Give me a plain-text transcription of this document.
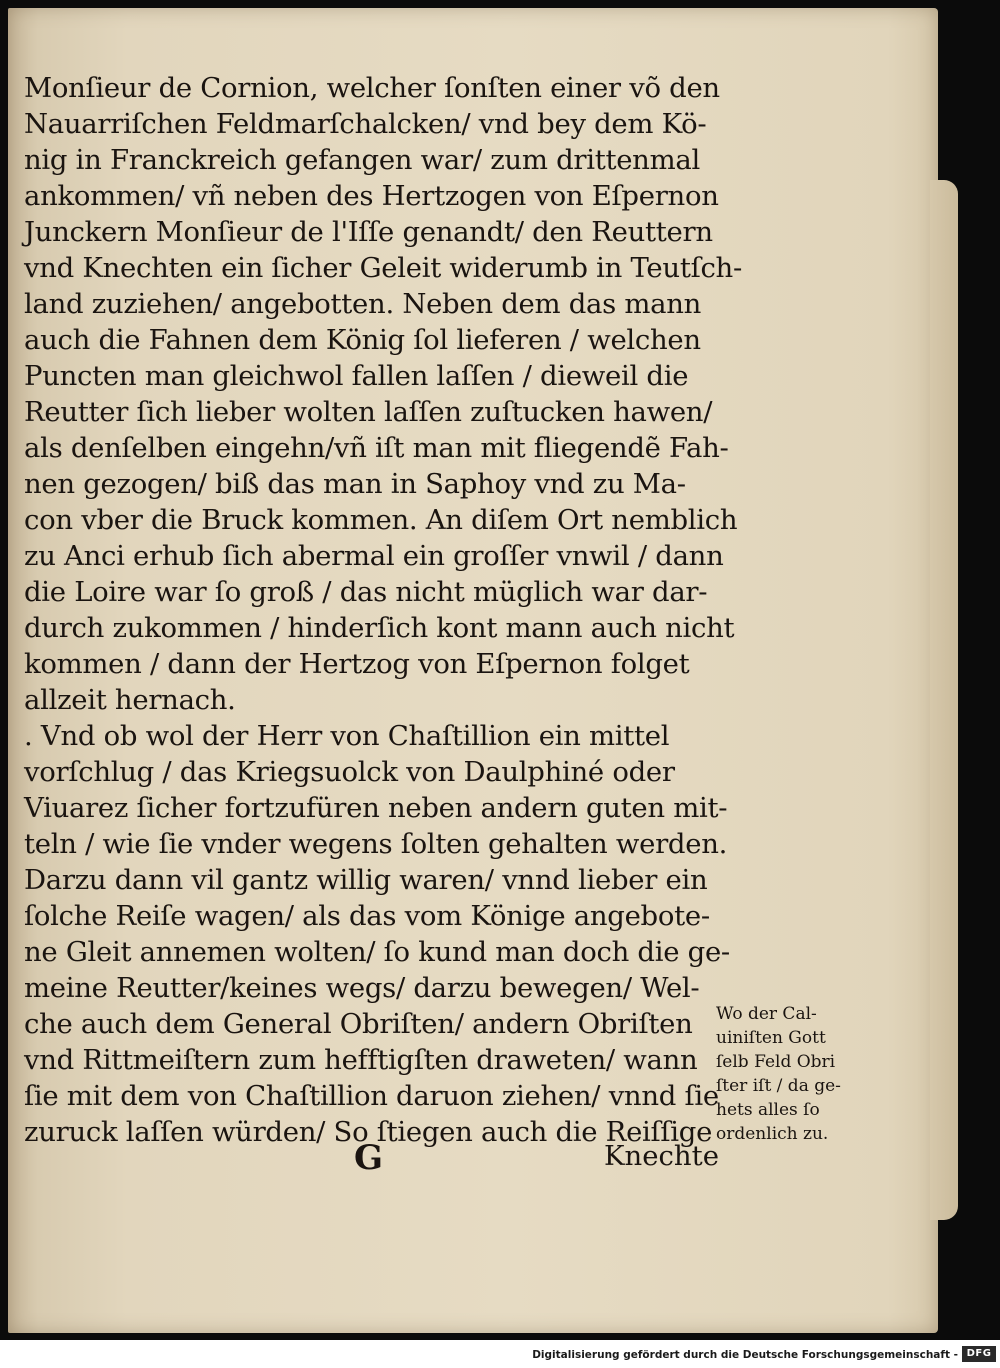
Monſieur de Cornion, welcher ſonſten einer võ den
Nauarriſchen Feldmarſchalcken/ vnd bey dem Kö-
nig in Franckreich gefangen war/ zum drittenmal
ankommen/ vñ neben des Hertzogen von Eſpernon
Junckern Monſieur de l'Iſſe genandt/ den Reuttern
vnd Knechten ein ſicher Geleit widerumb in Teutſch-
land zuziehen/ angebotten. Neben dem das mann
auch die Fahnen dem König ſol lieferen / welchen
Puncten man gleichwol fallen laſſen / dieweil die
Reutter ſich lieber wolten laſſen zuſtucken hawen/
als denſelben eingehn/vñ iſt man mit fliegendẽ Fah-
nen gezogen/ biß das man in Saphoy vnd zu Ma-
con vber die Bruck kommen. An diſem Ort nemblich
zu Anci erhub ſich abermal ein groſſer vnwil / dann
die Loire war ſo groß / das nicht müglich war dar-
durch zukommen / hinderſich kont mann auch nicht
kommen / dann der Hertzog von Eſpernon folget
allzeit hernach.
. Vnd ob wol der Herr von Chaſtillion ein mittel
vorſchlug / das Kriegsuolck von Daulphiné oder
Viuarez ſicher fortzufüren neben andern guten mit-
teln / wie ſie vnder wegens ſolten gehalten werden.
Darzu dann vil gantz willig waren/ vnnd lieber ein
ſolche Reiſe wagen/ als das vom Könige angebote-
ne Gleit annemen wolten/ ſo kund man doch die ge-
meine Reutter/keines wegs/ darzu bewegen/ Wel-
che auch dem General Obriſten/ andern Obriſten
vnd Rittmeiſtern zum hefftigſten draweten/ wann
ſie mit dem von Chaſtillion daruon ziehen/ vnnd ſie
zuruck laſſen würden/ So ſtiegen auch die Reiſſige
Wo der Cal-
uiniſten Gott
ſelb Feld Obri
ſter iſt / da ge-
hets alles ſo
ordenlich zu.
G	Knechte
Digitalisierung gefördert durch die Deutsche Forschungsgemeinschaft - DFG
